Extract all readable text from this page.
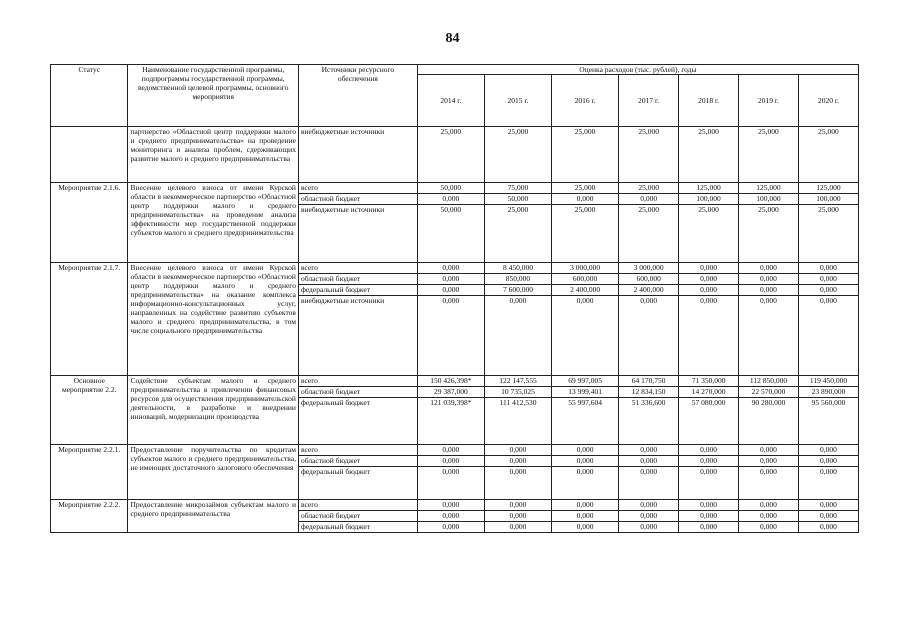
84
Статус	Наименование государственной программы, подпрограммы государственной программы, ведомственной целевой программы, основного мероприятия	Источники ресурсного обеспечения	Оценка расходов (тыс. рублей), годы						
			2014 г.	2015 г.	2016 г.	2017 г.	2018 г.	2019 г.	2020 г.
	партнерство «Областной центр поддержки малого и среднего предпринимательства» на проведение мониторинга и анализа проблем, сдерживающих развитие малого и среднего предпринимательства	внебюджетные источники	25,000	25,000	25,000	25,000	25,000	25,000	25,000
Мероприятие 2.1.6.	Внесение целевого взноса от имени Курской области в некоммерческое партнерство «Областной центр поддержки малого и среднего предпринимательства» на проведение анализа эффективности мер государственной поддержки субъектов малого и среднего предпринимательства	всего	50,000	75,000	25,000	25,000	125,000	125,000	125,000
		областной бюджет	0,000	50,000	0,000	0,000	100,000	100,000	100,000
		внебюджетные источники	50,000	25,000	25,000	25,000	25,000	25,000	25,000
Мероприятие 2.1.7.	Внесение целевого взноса от имени Курской области в некоммерческое партнерство «Областной центр поддержки малого и среднего предпринимательства» на оказание комплекса информационно-консультационных услуг, направленных на содействие развитию субъектов малого и среднего предпринимательства, в том числе социального предпринимательства	всего	0,000	8 450,000	3 000,000	3 000,000	0,000	0,000	0,000
		областной бюджет	0,000	850,000	600,000	600,000	0,000	0,000	0,000
		федеральный бюджет	0,000	7 600,000	2 400,000	2 400,000	0,000	0,000	0,000
		внебюджетные источники	0,000	0,000	0,000	0,000	0,000	0,000	0,000
Основное мероприятие 2.2.	Содействие субъектам малого и среднего предпринимательства в привлечении финансовых ресурсов для осуществления предпринимательской деятельности, в разработке и внедрении инноваций, модернизации производства	всего	150 426,398*	122 147,555	69 997,005	64 170,750	71 350,000	112 850,000	119 450,000
		областной бюджет	29 387,000	10 735,025	13 999,401	12 834,150	14 270,000	22 570,000	23 890,000
		федеральный бюджет	121 039,398*	111 412,530	55 997,604	51 336,600	57 080,000	90 280,000	95 560,000
Мероприятие 2.2.1.	Предоставление поручительства по кредитам субъектов малого и среднего предпринимательства, не имеющих достаточного залогового обеспечения	всего	0,000	0,000	0,000	0,000	0,000	0,000	0,000
		областной бюджет	0,000	0,000	0,000	0,000	0,000	0,000	0,000
		федеральный бюджет	0,000	0,000	0,000	0,000	0,000	0,000	0,000
Мероприятие 2.2.2.	Предоставление микрозаймов субъектам малого и среднего предпринимательства	всего	0,000	0,000	0,000	0,000	0,000	0,000	0,000
		областной бюджет	0,000	0,000	0,000	0,000	0,000	0,000	0,000
		федеральный бюджет	0,000	0,000	0,000	0,000	0,000	0,000	0,000
